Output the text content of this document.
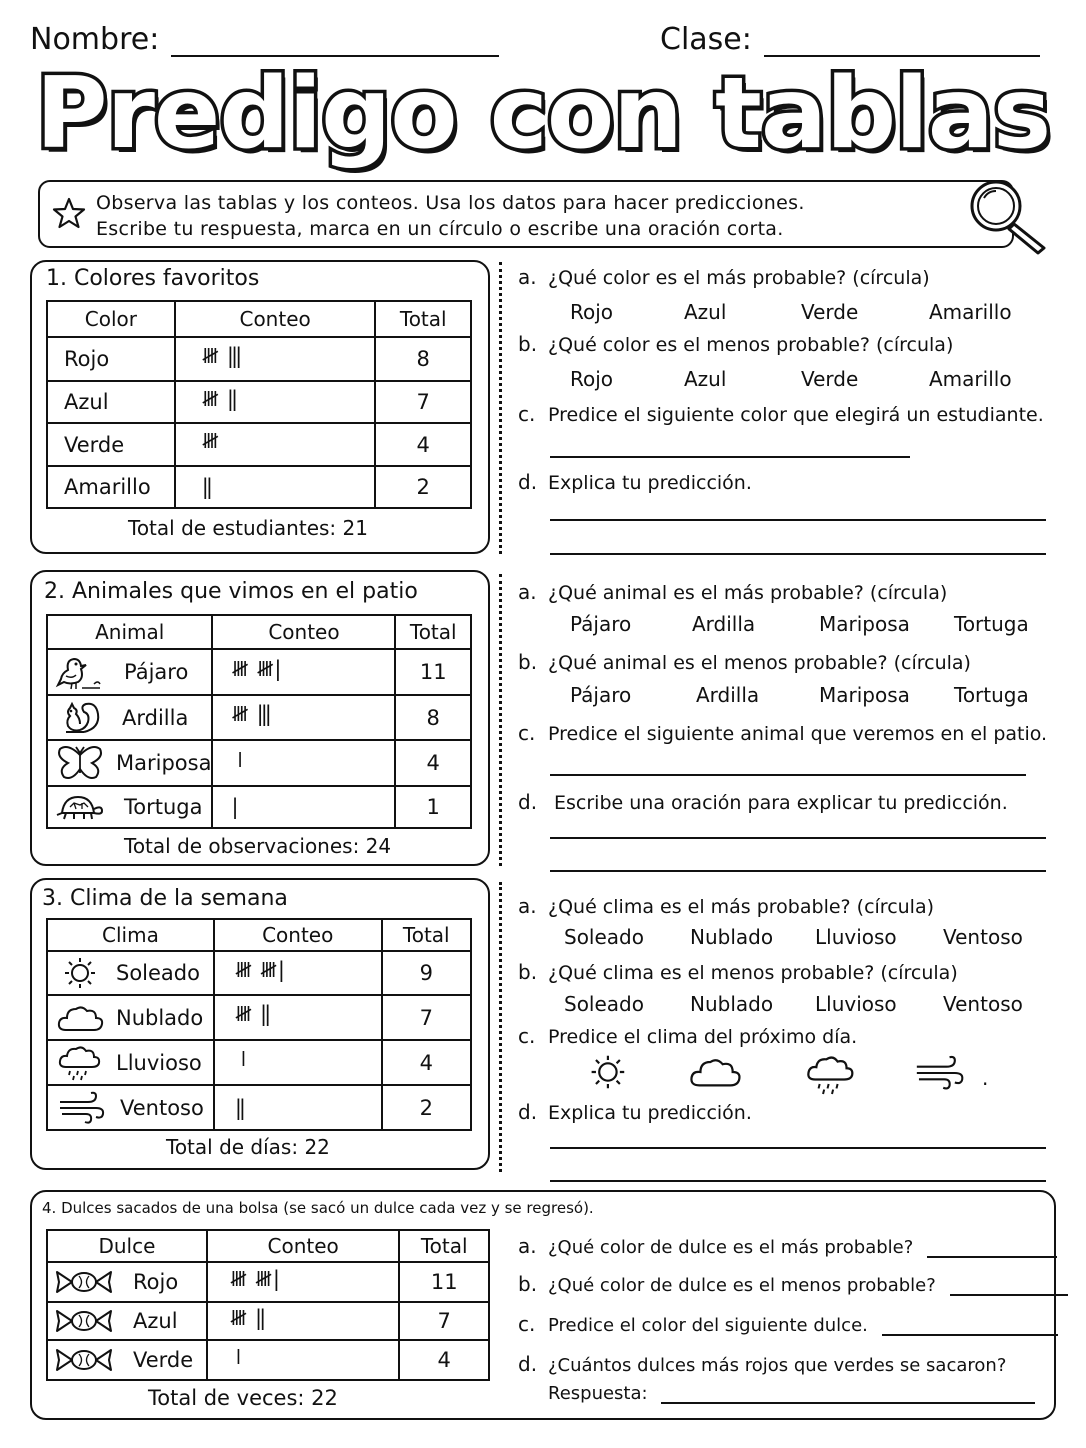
Nombre:	Clase:
Predigo con tablas
Observa las tablas y los conteos. Usa los datos para hacer predicciones.
Escribe tu respuesta, marca en un círculo o escribe una oración corta.
1. Colores favoritos
Color	Conteo	Total
Rojo	𝍸   |||	8
Azul	𝍸   ||	7
Verde	𝍸	4
Amarillo	||	2
Total de estudiantes: 21
a. ¿Qué color es el más probable? (círcula)
Rojo	Azul	Verde	Amarillo
b. ¿Qué color es el menos probable? (círcula)
Rojo	Azul	Verde	Amarillo
c. Predice el siguiente color que elegirá un estudiante.
d. Explica tu predicción.
2. Animales que vimos en el patio
Animal	Conteo	Total

Pájaro	𝍸   𝍸 |	11

Ardilla	𝍸   |||	8

Mariposa	𝍷	4

Tortuga	|	1
Total de observaciones: 24
a. ¿Qué animal es el más probable? (círcula)
Pájaro	Ardilla	Mariposa	Tortuga
b. ¿Qué animal es el menos probable? (círcula)
Pájaro	Ardilla	Mariposa	Tortuga
c. Predice el siguiente animal que veremos en el patio.
d. Escribe una oración para explicar tu predicción.
3. Clima de la semana
Clima	Conteo	Total

Soleado	𝍸   𝍸 |	9

Nublado	𝍸   ||	7

Lluvioso	𝍷	4

Ventoso	||	2
Total de días: 22
a. ¿Qué clima es el más probable? (círcula)
Soleado	Nublado	Lluvioso	Ventoso
b. ¿Qué clima es el menos probable? (círcula)
Soleado	Nublado	Lluvioso	Ventoso
c. Predice el clima del próximo día.
.
d. Explica tu predicción.
4. Dulces sacados de una bolsa (se sacó un dulce cada vez y se regresó).
Dulce	Conteo	Total

Rojo	𝍸   𝍸 |	11

Azul	𝍸   ||	7

Verde	𝍷	4
Total de veces: 22
a. ¿Qué color de dulce es el más probable?
b. ¿Qué color de dulce es el menos probable?
c. Predice el color del siguiente dulce.
d. ¿Cuántos dulces más rojos que verdes se sacaron?
Respuesta:
